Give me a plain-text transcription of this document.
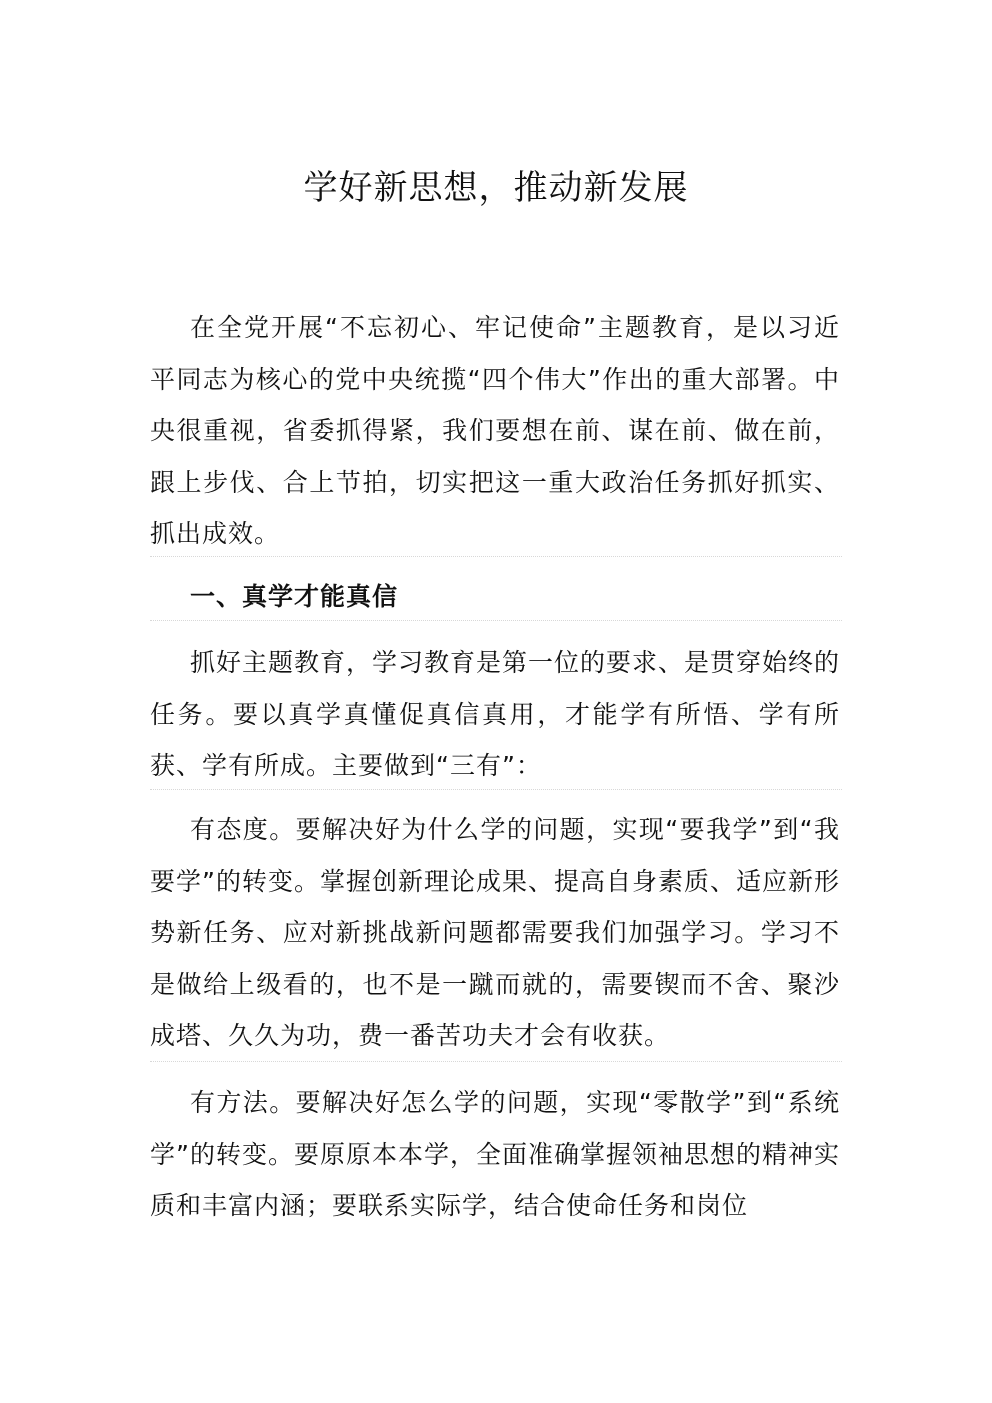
学好新思想，推动新发展

在全党开展“不忘初心、牢记使命”主题教育，是以习近平同志为核心的党中央统揽“四个伟大”作出的重大部署。中央很重视，省委抓得紧，我们要想在前、谋在前、做在前，跟上步伐、合上节拍，切实把这一重大政治任务抓好抓实、抓出成效。

一、真学才能真信

抓好主题教育，学习教育是第一位的要求、是贯穿始终的任务。要以真学真懂促真信真用，才能学有所悟、学有所获、学有所成。主要做到“三有”：

有态度。要解决好为什么学的问题，实现“要我学”到“我要学”的转变。掌握创新理论成果、提高自身素质、适应新形势新任务、应对新挑战新问题都需要我们加强学习。学习不是做给上级看的，也不是一蹴而就的，需要锲而不舍、聚沙成塔、久久为功，费一番苦功夫才会有收获。

有方法。要解决好怎么学的问题，实现“零散学”到“系统学”的转变。要原原本本学，全面准确掌握领袖思想的精神实质和丰富内涵；要联系实际学，结合使命任务和岗位
